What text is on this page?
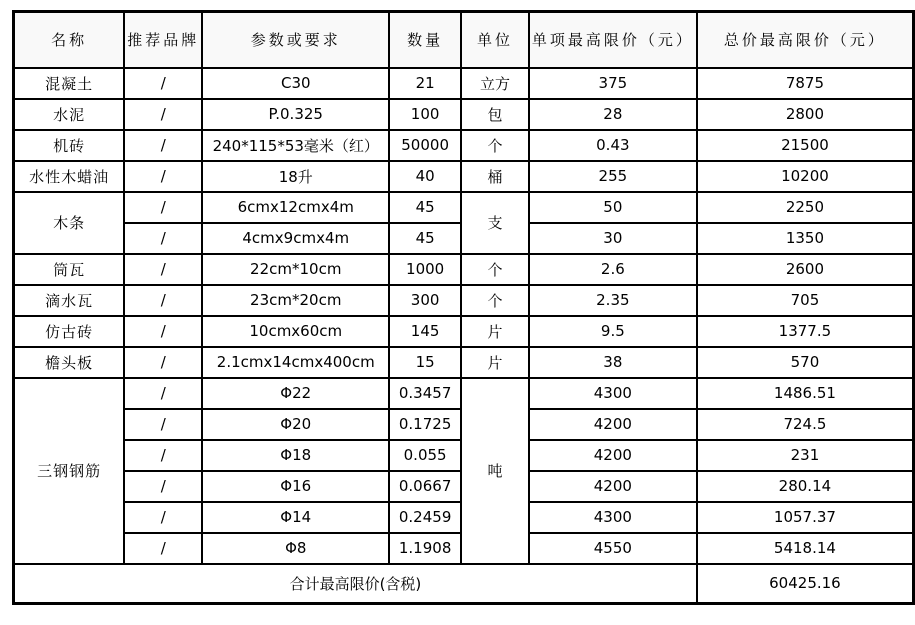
名称	推荐品牌	参数或要求	数量	单位	单项最高限价（元）	总价最高限价（元）
混凝土	/	C30	21	立方	375	7875
水泥	/	P.0.325	100	包	28	2800
机砖	/	240*115*53毫米（红）	50000	个	0.43	21500
水性木蜡油	/	18升	40	桶	255	10200
木条	/	6cmx12cmx4m	45	支	50	2250
	/	4cmx9cmx4m	45		30	1350
筒瓦	/	22cm*10cm	1000	个	2.6	2600
滴水瓦	/	23cm*20cm	300	个	2.35	705
仿古砖	/	10cmx60cm	145	片	9.5	1377.5
檐头板	/	2.1cmx14cmx400cm	15	片	38	570
三钢钢筋	/	Φ22	0.3457	吨	4300	1486.51
	/	Φ20	0.1725		4200	724.5
	/	Φ18	0.055		4200	231
	/	Φ16	0.0667		4200	280.14
	/	Φ14	0.2459		4300	1057.37
	/	Φ8	1.1908		4550	5418.14
合计最高限价(含税)						60425.16
